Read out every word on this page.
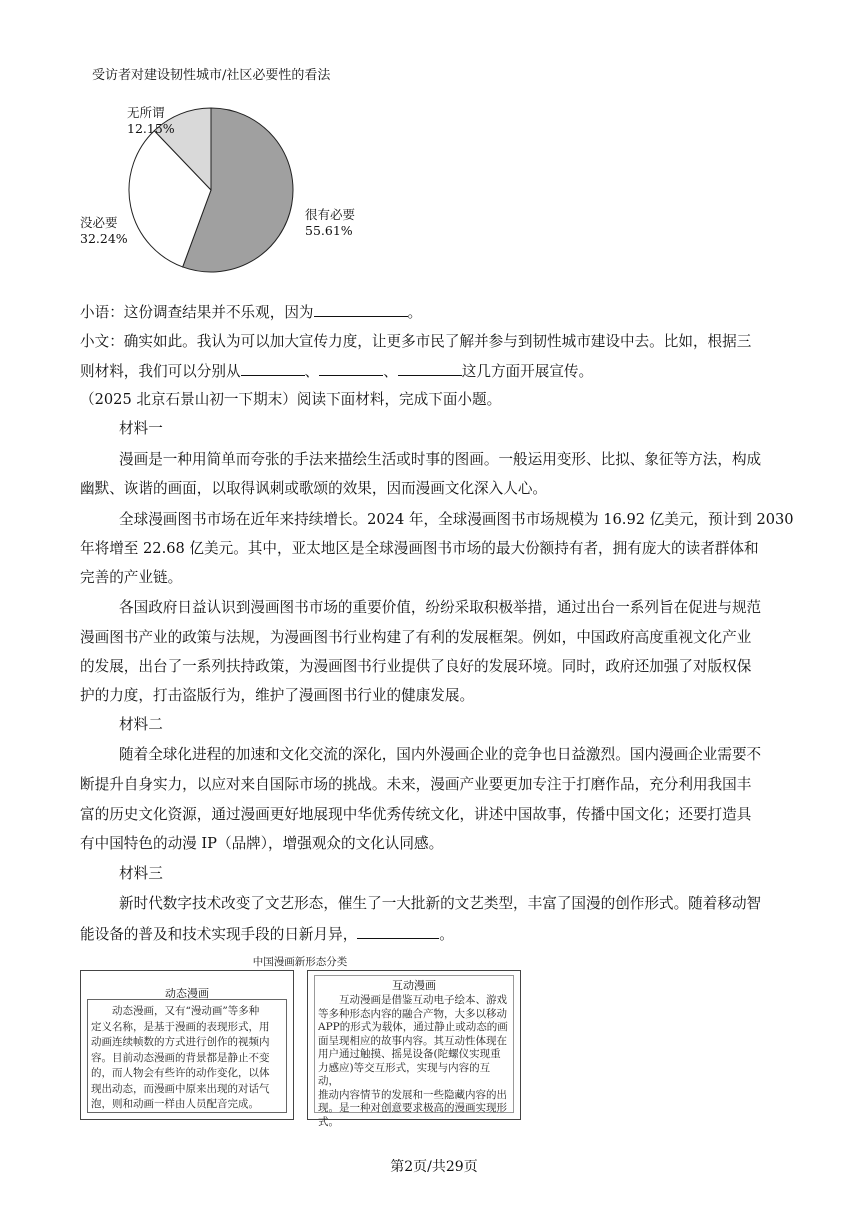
受访者对建设韧性城市/社区必要性的看法
无所谓
12.15%
没必要
32.24%
很有必要
55.61%
小语：这份调查结果并不乐观，因为	。
小文：确实如此。我认为可以加大宣传力度，让更多市民了解并参与到韧性城市建设中去。比如，根据三
则材料，我们可以分别从	、	、	这几方面开展宣传。
（2025 北京石景山初一下期末）阅读下面材料，完成下面小题。
材料一
漫画是一种用简单而夸张的手法来描绘生活或时事的图画。一般运用变形、比拟、象征等方法，构成
幽默、诙谐的画面，以取得讽刺或歌颂的效果，因而漫画文化深入人心。
全球漫画图书市场在近年来持续增长。2024 年，全球漫画图书市场规模为 16.92 亿美元，预计到 2030
年将增至 22.68 亿美元。其中，亚太地区是全球漫画图书市场的最大份额持有者，拥有庞大的读者群体和
完善的产业链。
各国政府日益认识到漫画图书市场的重要价值，纷纷采取积极举措，通过出台一系列旨在促进与规范
漫画图书产业的政策与法规，为漫画图书行业构建了有利的发展框架。例如，中国政府高度重视文化产业
的发展，出台了一系列扶持政策，为漫画图书行业提供了良好的发展环境。同时，政府还加强了对版权保
护的力度，打击盗版行为，维护了漫画图书行业的健康发展。
材料二
随着全球化进程的加速和文化交流的深化，国内外漫画企业的竞争也日益激烈。国内漫画企业需要不
断提升自身实力，以应对来自国际市场的挑战。未来，漫画产业要更加专注于打磨作品，充分利用我国丰
富的历史文化资源，通过漫画更好地展现中华优秀传统文化，讲述中国故事，传播中国文化；还要打造具
有中国特色的动漫 IP（品牌），增强观众的文化认同感。
材料三
新时代数字技术改变了文艺形态，催生了一大批新的文艺类型，丰富了国漫的创作形式。随着移动智
能设备的普及和技术实现手段的日新月异，	。
中国漫画新形态分类
动态漫画
动态漫画，又有“漫动画”等多种
定义名称，是基于漫画的表现形式，用
动画连续帧数的方式进行创作的视频内
容。目前动态漫画的背景都是静止不变
的，而人物会有些许的动作变化，以体
现出动态，而漫画中原来出现的对话气
泡，则和动画一样由人员配音完成。
互动漫画
互动漫画是借鉴互动电子绘本、游戏
等多种形态内容的融合产物，大多以移动
APP的形式为载体，通过静止或动态的画
面呈现相应的故事内容。其互动性体现在
用户通过触摸、摇晃设备(陀螺仪实现重
力感应)等交互形式，实现与内容的互动，
推动内容情节的发展和一些隐藏内容的出
现。是一种对创意要求极高的漫画实现形
式。
第2页/共29页
